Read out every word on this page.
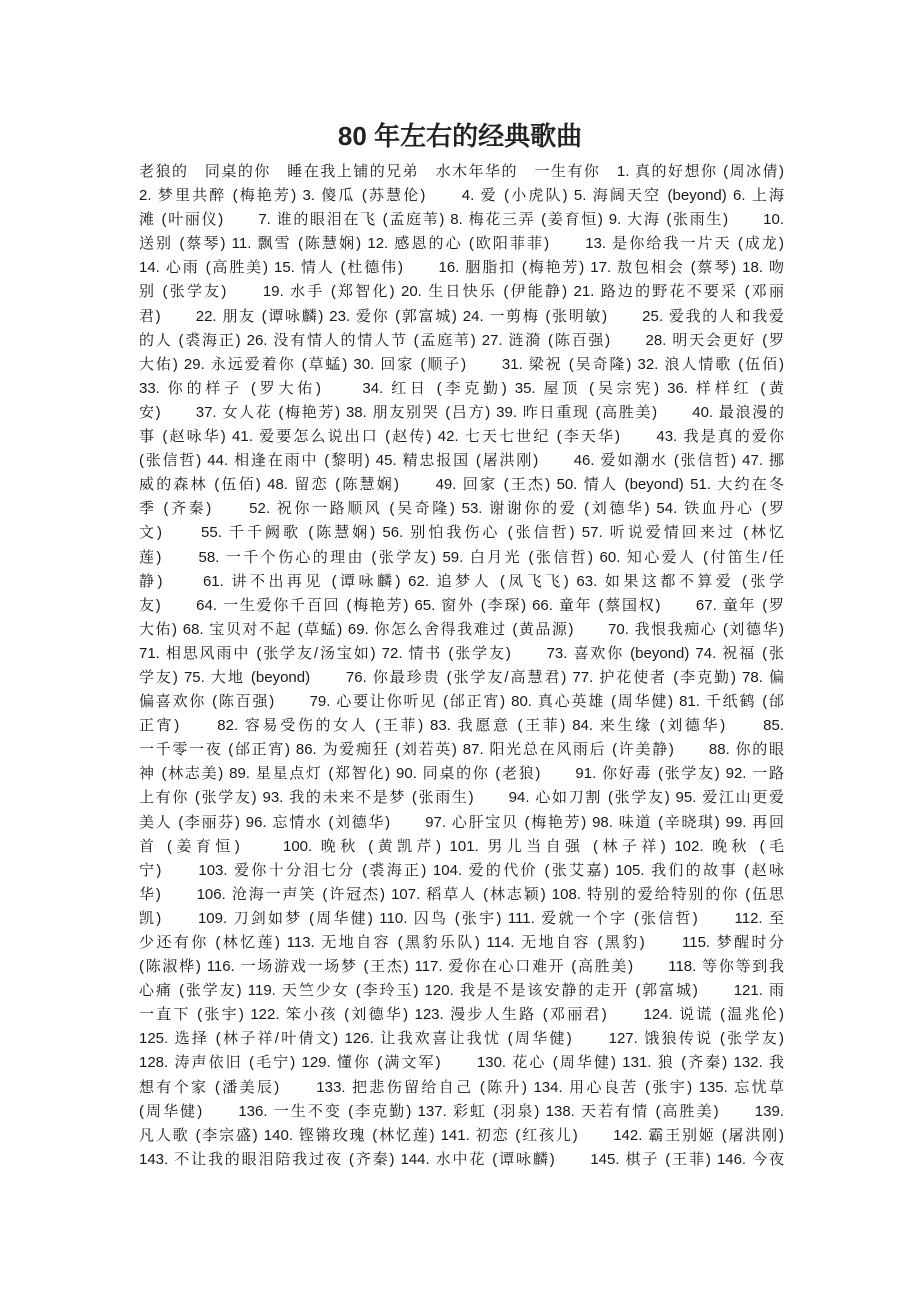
80 年左右的经典歌曲
老狼的　同桌的你　睡在我上铺的兄弟　水木年华的　一生有你　1. 真的好想你 (周冰倩)
2. 梦里共醉 (梅艳芳) 3. 傻瓜 (苏慧伦)　　4. 爱 (小虎队) 5. 海阔天空 (beyond) 6. 上海
滩 (叶丽仪)　　7. 谁的眼泪在飞 (孟庭苇) 8. 梅花三弄 (姜育恒) 9. 大海 (张雨生)　　10.
送别 (蔡琴) 11. 飘雪 (陈慧娴) 12. 感恩的心 (欧阳菲菲)　　13. 是你给我一片天 (成龙)
14. 心雨 (高胜美) 15. 情人 (杜德伟)　　16. 胭脂扣 (梅艳芳) 17. 敖包相会 (蔡琴) 18. 吻
别 (张学友)　　19. 水手 (郑智化) 20. 生日快乐 (伊能静) 21. 路边的野花不要采 (邓丽
君)　　22. 朋友 (谭咏麟) 23. 爱你 (郭富城) 24. 一剪梅 (张明敏)　　25. 爱我的人和我爱
的人 (裘海正) 26. 没有情人的情人节 (孟庭苇) 27. 涟漪 (陈百强)　　28. 明天会更好 (罗
大佑) 29. 永远爱着你 (草蜢) 30. 回家 (顺子)　　31. 梁祝 (吴奇隆) 32. 浪人情歌 (伍佰)
33. 你的样子 (罗大佑)　　34. 红日 (李克勤) 35. 屋顶 (吴宗宪) 36. 样样红 (黄
安)　　37. 女人花 (梅艳芳) 38. 朋友别哭 (吕方) 39. 昨日重现 (高胜美)　　40. 最浪漫的
事 (赵咏华) 41. 爱要怎么说出口 (赵传) 42. 七天七世纪 (李天华)　　43. 我是真的爱你
(张信哲) 44. 相逢在雨中 (黎明) 45. 精忠报国 (屠洪刚)　　46. 爱如潮水 (张信哲) 47. 挪
威的森林 (伍佰) 48. 留恋 (陈慧娴)　　49. 回家 (王杰) 50. 情人 (beyond) 51. 大约在冬
季 (齐秦)　　52. 祝你一路顺风 (吴奇隆) 53. 谢谢你的爱 (刘德华) 54. 铁血丹心 (罗
文)　　55. 千千阙歌 (陈慧娴) 56. 别怕我伤心 (张信哲) 57. 听说爱情回来过 (林忆
莲)　　58. 一千个伤心的理由 (张学友) 59. 白月光 (张信哲) 60. 知心爱人 (付笛生/任
静)　　61. 讲不出再见 (谭咏麟) 62. 追梦人 (凤飞飞) 63. 如果这都不算爱 (张学
友)　　64. 一生爱你千百回 (梅艳芳) 65. 窗外 (李琛) 66. 童年 (蔡国权)　　67. 童年 (罗
大佑) 68. 宝贝对不起 (草蜢) 69. 你怎么舍得我难过 (黄品源)　　70. 我恨我痴心 (刘德华)
71. 相思风雨中 (张学友/汤宝如) 72. 情书 (张学友)　　73. 喜欢你 (beyond) 74. 祝福 (张
学友) 75. 大地 (beyond)　　76. 你最珍贵 (张学友/高慧君) 77. 护花使者 (李克勤) 78. 偏
偏喜欢你 (陈百强)　　79. 心要让你听见 (邰正宵) 80. 真心英雄 (周华健) 81. 千纸鹤 (邰
正宵)　　82. 容易受伤的女人 (王菲) 83. 我愿意 (王菲) 84. 来生缘 (刘德华)　　85.
一千零一夜 (邰正宵) 86. 为爱痴狂 (刘若英) 87. 阳光总在风雨后 (许美静)　　88. 你的眼
神 (林志美) 89. 星星点灯 (郑智化) 90. 同桌的你 (老狼)　　91. 你好毒 (张学友) 92. 一路
上有你 (张学友) 93. 我的未来不是梦 (张雨生)　　94. 心如刀割 (张学友) 95. 爱江山更爱
美人 (李丽芬) 96. 忘情水 (刘德华)　　97. 心肝宝贝 (梅艳芳) 98. 味道 (辛晓琪) 99. 再回
首 (姜育恒)　　100. 晚秋 (黄凯芹) 101. 男儿当自强 (林子祥) 102. 晚秋 (毛
宁)　　103. 爱你十分泪七分 (裘海正) 104. 爱的代价 (张艾嘉) 105. 我们的故事 (赵咏
华)　　106. 沧海一声笑 (许冠杰) 107. 稻草人 (林志颖) 108. 特别的爱给特别的你 (伍思
凯)　　109. 刀剑如梦 (周华健) 110. 囚鸟 (张宇) 111. 爱就一个字 (张信哲)　　112. 至
少还有你 (林忆莲) 113. 无地自容 (黑豹乐队) 114. 无地自容 (黑豹)　　115. 梦醒时分
(陈淑桦) 116. 一场游戏一场梦 (王杰) 117. 爱你在心口难开 (高胜美)　　118. 等你等到我
心痛 (张学友) 119. 天竺少女 (李玲玉) 120. 我是不是该安静的走开 (郭富城)　　121. 雨
一直下 (张宇) 122. 笨小孩 (刘德华) 123. 漫步人生路 (邓丽君)　　124. 说谎 (温兆伦)
125. 选择 (林子祥/叶倩文) 126. 让我欢喜让我忧 (周华健)　　127. 饿狼传说 (张学友)
128. 涛声依旧 (毛宁) 129. 懂你 (满文军)　　130. 花心 (周华健) 131. 狼 (齐秦) 132. 我
想有个家 (潘美辰)　　133. 把悲伤留给自己 (陈升) 134. 用心良苦 (张宇) 135. 忘忧草
(周华健)　　136. 一生不变 (李克勤) 137. 彩虹 (羽泉) 138. 天若有情 (高胜美)　　139.
凡人歌 (李宗盛) 140. 铿锵玫瑰 (林忆莲) 141. 初恋 (红孩儿)　　142. 霸王别姬 (屠洪刚)
143. 不让我的眼泪陪我过夜 (齐秦) 144. 水中花 (谭咏麟)　　145. 棋子 (王菲) 146. 今夜
